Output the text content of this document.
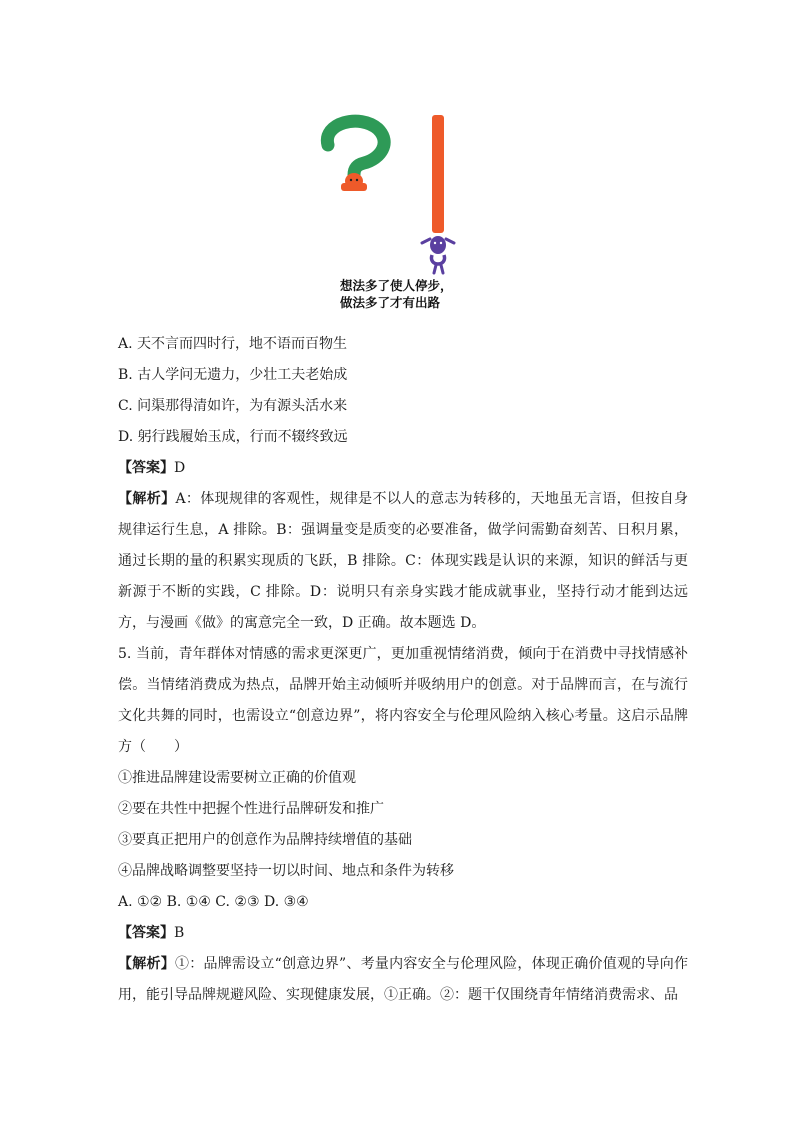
想法多了使人停步，
做法多了才有出路
A. 天不言而四时行，地不语而百物生
B. 古人学问无遗力，少壮工夫老始成
C. 问渠那得清如许，为有源头活水来
D. 躬行践履始玉成，行而不辍终致远
【答案】D
【解析】A：体现规律的客观性，规律是不以人的意志为转移的，天地虽无言语，但按自身规律运行生息，A 排除。B：强调量变是质变的必要准备，做学问需勤奋刻苦、日积月累，通过长期的量的积累实现质的飞跃，B 排除。C：体现实践是认识的来源，知识的鲜活与更新源于不断的实践，C 排除。D：说明只有亲身实践才能成就事业，坚持行动才能到达远方，与漫画《做》的寓意完全一致，D 正确。故本题选 D。
5. 当前，青年群体对情感的需求更深更广，更加重视情绪消费，倾向于在消费中寻找情感补偿。当情绪消费成为热点，品牌开始主动倾听并吸纳用户的创意。对于品牌而言，在与流行文化共舞的同时，也需设立“创意边界”，将内容安全与伦理风险纳入核心考量。这启示品牌方（　　）
①推进品牌建设需要树立正确的价值观
②要在共性中把握个性进行品牌研发和推广
③要真正把用户的创意作为品牌持续增值的基础
④品牌战略调整要坚持一切以时间、地点和条件为转移
A. ①② B. ①④ C. ②③ D. ③④
【答案】B
【解析】①：品牌需设立“创意边界”、考量内容安全与伦理风险，体现正确价值观的导向作用，能引导品牌规避风险、实现健康发展，①正确。②：题干仅围绕青年情绪消费需求、品
